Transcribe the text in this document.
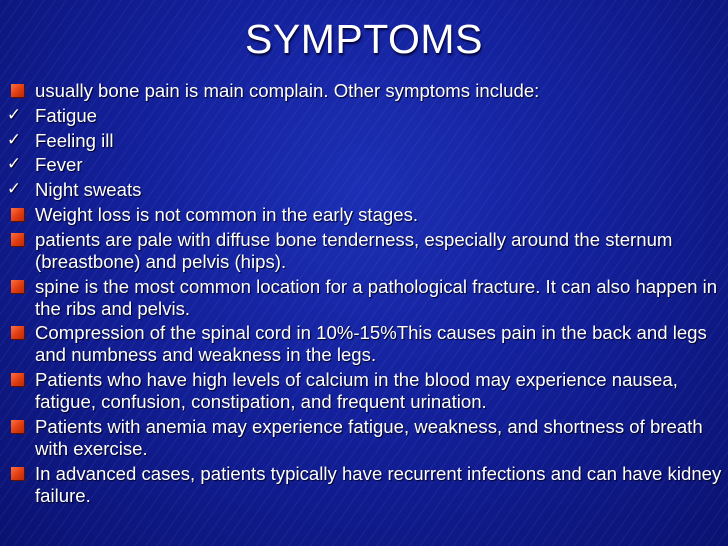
SYMPTOMS
usually bone pain is main complain. Other symptoms include:
✓ Fatigue
✓ Feeling ill
✓ Fever
✓ Night sweats
Weight loss is not common in the early stages.
patients are pale with diffuse bone tenderness, especially around the sternum (breastbone) and pelvis (hips).
spine is the most common location for a pathological fracture. It can also happen in the ribs and pelvis.
Compression of the spinal cord in 10%-15%This causes pain in the back and legs and numbness and weakness in the legs.
Patients who have high levels of calcium in the blood may experience nausea, fatigue, confusion, constipation, and frequent urination.
Patients with anemia may experience fatigue, weakness, and shortness of breath with exercise.
In advanced cases, patients typically have recurrent infections and can have kidney failure.
